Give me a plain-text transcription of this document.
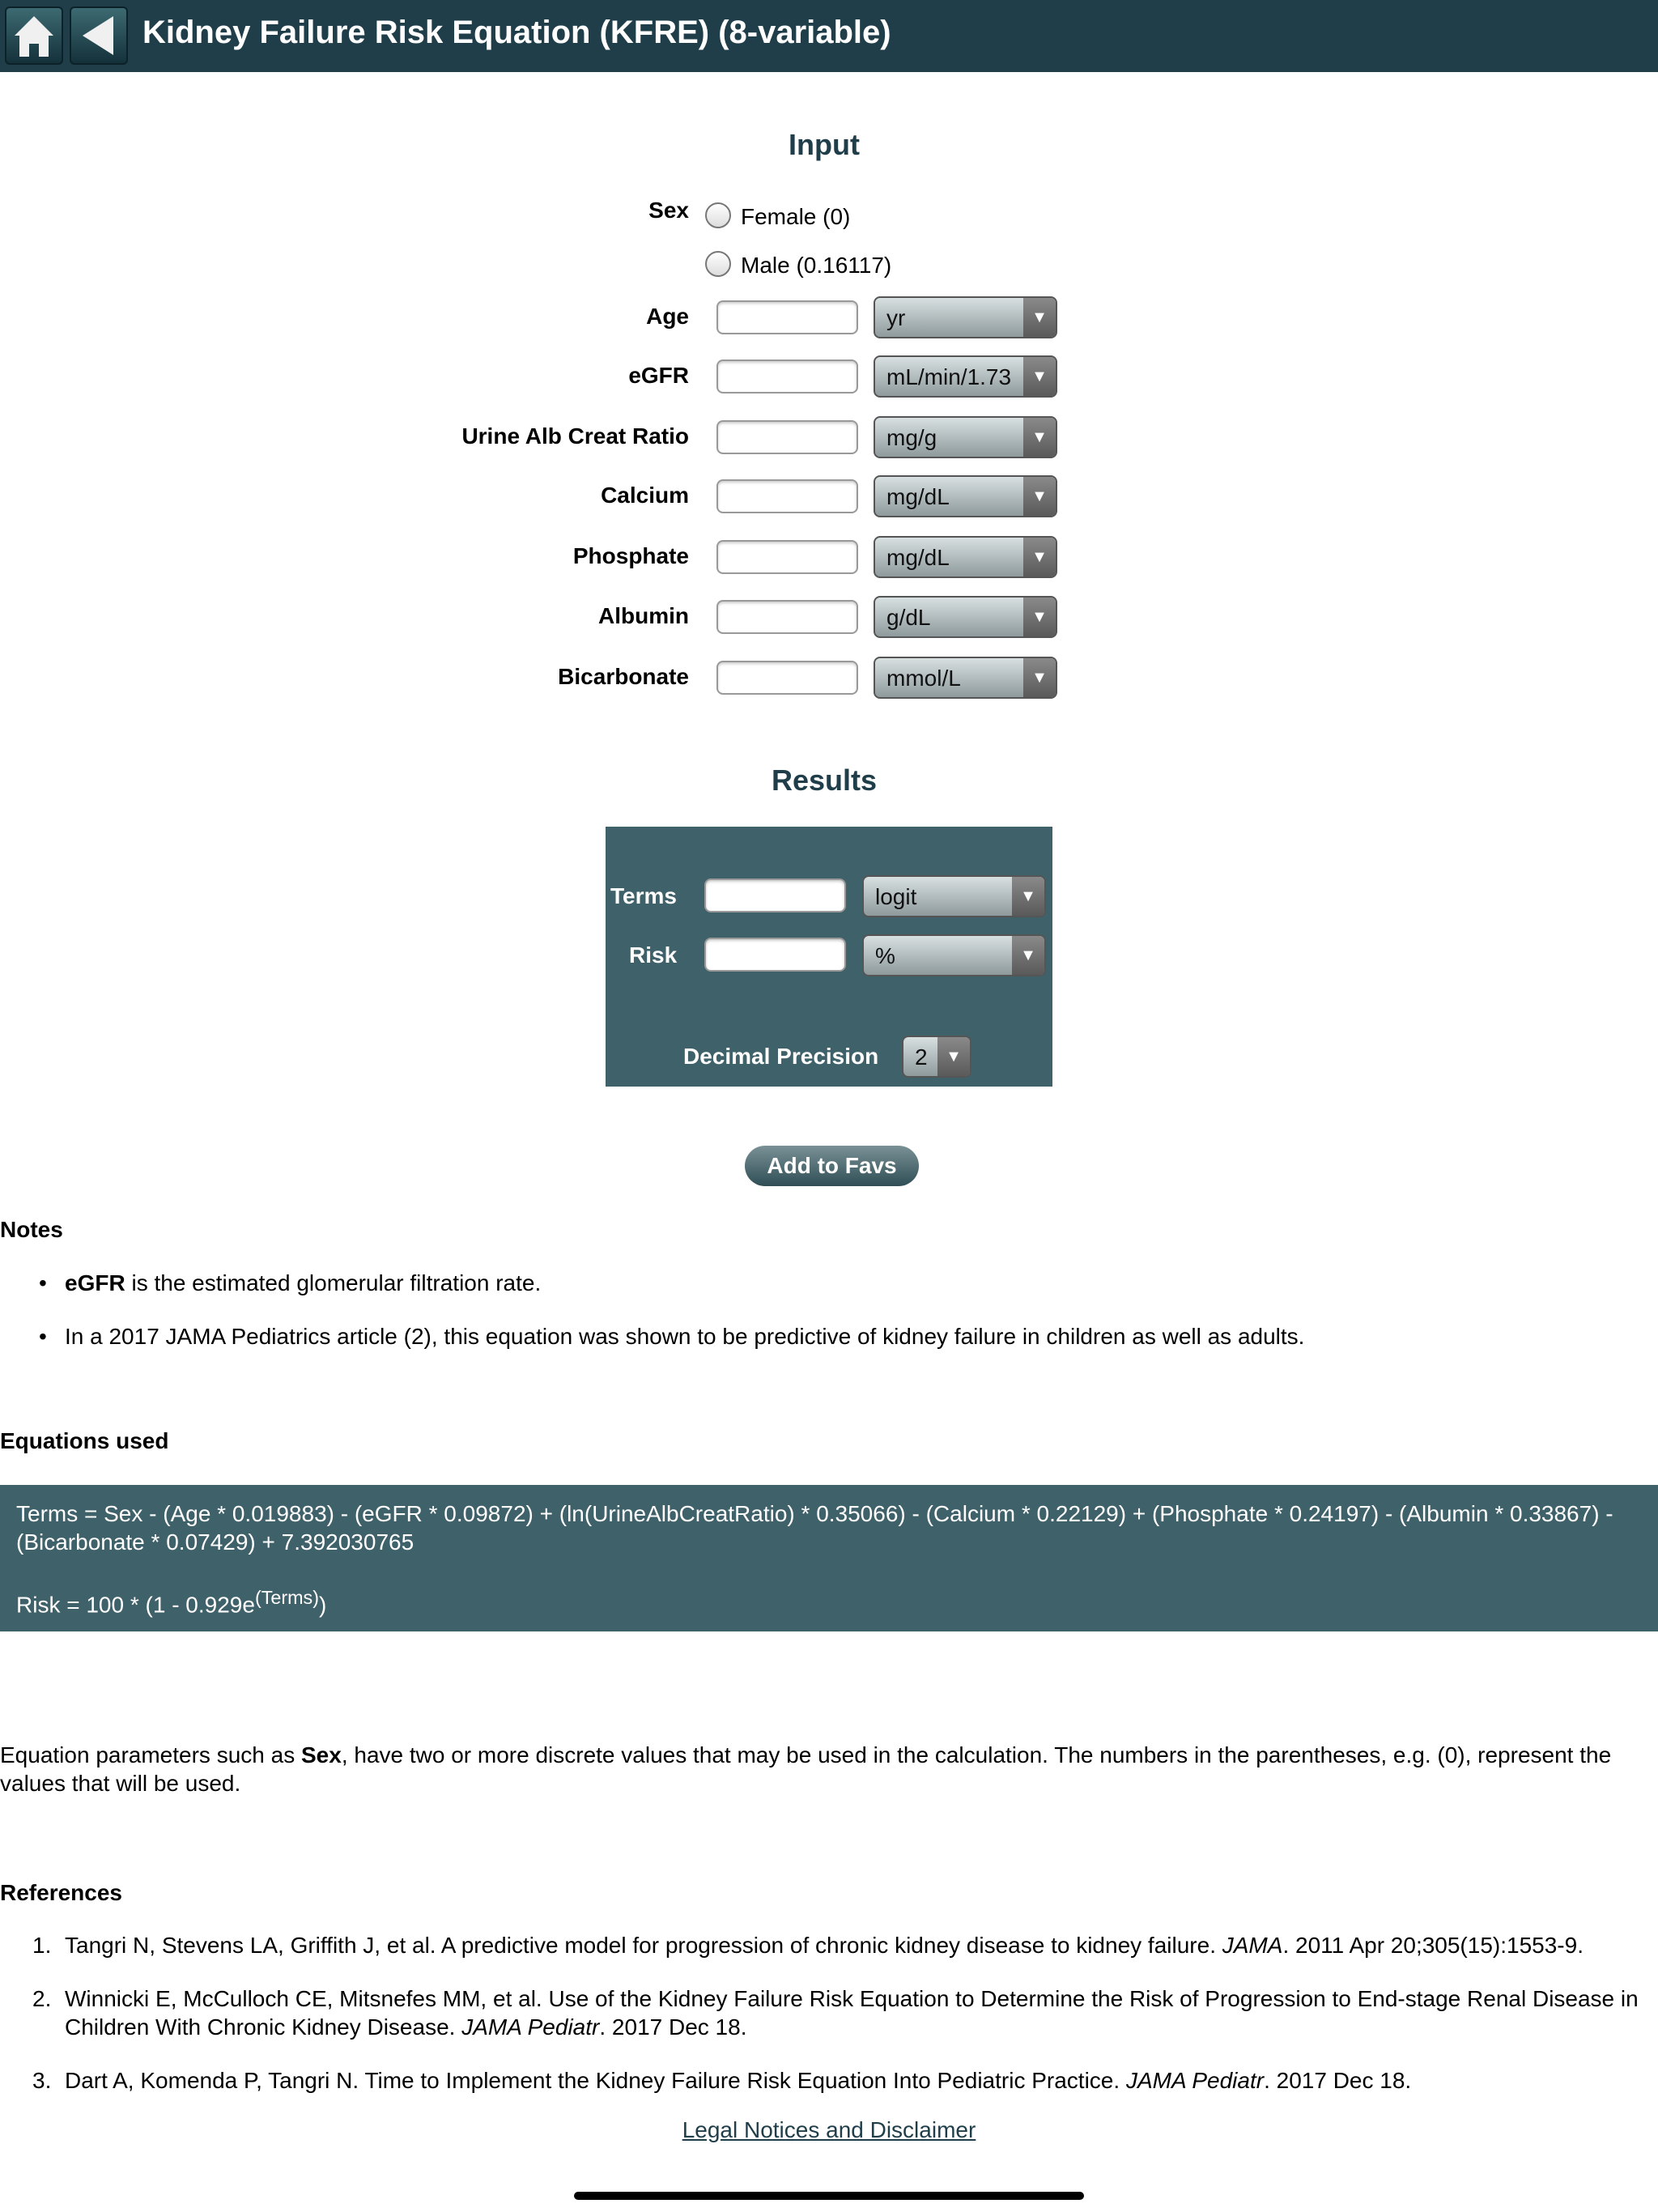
Kidney Failure Risk Equation (KFRE) (8-variable)
Input
Sex Female (0)
Male (0.16117)
Age	yr	▼
eGFR	mL/min/1.73	▼
Urine Alb Creat Ratio	mg/g	▼
Calcium	mg/dL	▼
Phosphate	mg/dL	▼
Albumin	g/dL	▼
Bicarbonate	mmol/L	▼
Results
Terms	logit	▼
Risk	%	▼
Decimal Precision 2	▼
Add to Favs
Notes
• eGFR is the estimated glomerular filtration rate.
• In a 2017 JAMA Pediatrics article (2), this equation was shown to be predictive of kidney failure in children as well as adults.
Equations used
Terms = Sex - (Age * 0.019883) - (eGFR * 0.09872) + (ln(UrineAlbCreatRatio) * 0.35066) - (Calcium * 0.22129) + (Phosphate * 0.24197) - (Albumin * 0.33867) - (Bicarbonate * 0.07429) + 7.392030765
Risk = $100 * (1 - 0.929e^{(Terms)})$
Equation parameters such as Sex, have two or more discrete values that may be used in the calculation. The numbers in the parentheses, e.g. (0), represent the values that will be used.
References
1. Tangri N, Stevens LA, Griffith J, et al. A predictive model for progression of chronic kidney disease to kidney failure. JAMA. 2011 Apr 20;305(15):1553-9.
2. Winnicki E, McCulloch CE, Mitsnefes MM, et al. Use of the Kidney Failure Risk Equation to Determine the Risk of Progression to End-stage Renal Disease in Children With Chronic Kidney Disease. JAMA Pediatr. 2017 Dec 18.
3. Dart A, Komenda P, Tangri N. Time to Implement the Kidney Failure Risk Equation Into Pediatric Practice. JAMA Pediatr. 2017 Dec 18.
Legal Notices and Disclaimer
